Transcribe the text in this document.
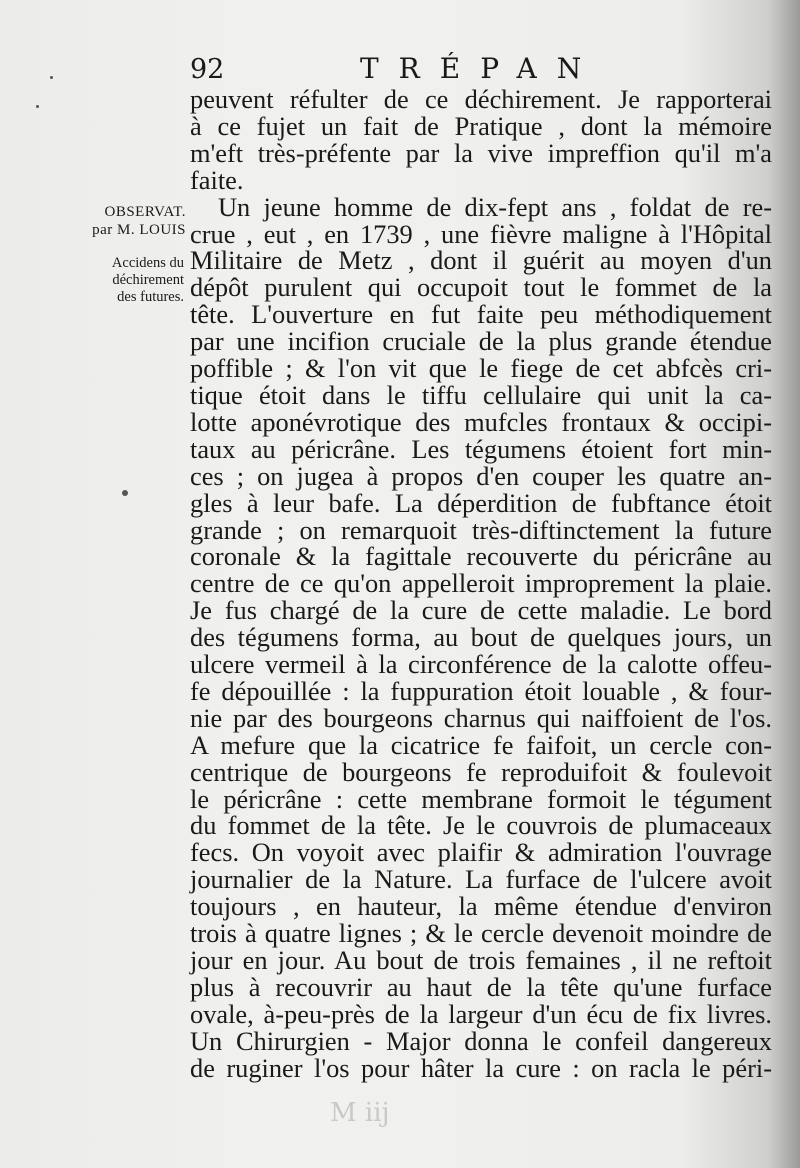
92	TRÉPAN
OBSERVAT.
par M. LOUIS
Accidens du
déchirement
des futures.
peuvent réfulter de ce déchirement. Je rapporterai
à ce fujet un fait de Pratique , dont la mémoire
m'eft très-préfente par la vive impreffion qu'il m'a
faite.
Un jeune homme de dix-fept ans , foldat de re-
crue , eut , en 1739 , une fièvre maligne à l'Hôpital
Militaire de Metz , dont il guérit au moyen d'un
dépôt purulent qui occupoit tout le fommet de la
tête. L'ouverture en fut faite peu méthodiquement
par une incifion cruciale de la plus grande étendue
poffible ; & l'on vit que le fiege de cet abfcès cri-
tique étoit dans le tiffu cellulaire qui unit la ca-
lotte aponévrotique des mufcles frontaux & occipi-
taux au péricrâne. Les tégumens étoient fort min-
ces ; on jugea à propos d'en couper les quatre an-
gles à leur bafe. La déperdition de fubftance étoit
grande ; on remarquoit très-diftinctement la future
coronale & la fagittale recouverte du péricrâne au
centre de ce qu'on appelleroit improprement la plaie.
Je fus chargé de la cure de cette maladie. Le bord
des tégumens forma, au bout de quelques jours, un
ulcere vermeil à la circonférence de la calotte offeu-
fe dépouillée : la fuppuration étoit louable , & four-
nie par des bourgeons charnus qui naiffoient de l'os.
A mefure que la cicatrice fe faifoit, un cercle con-
centrique de bourgeons fe reproduifoit & foulevoit
le péricrâne : cette membrane formoit le tégument
du fommet de la tête. Je le couvrois de plumaceaux
fecs. On voyoit avec plaifir & admiration l'ouvrage
journalier de la Nature. La furface de l'ulcere avoit
toujours , en hauteur, la même étendue d'environ
trois à quatre lignes ; & le cercle devenoit moindre de
jour en jour. Au bout de trois femaines , il ne reftoit
plus à recouvrir au haut de la tête qu'une furface
ovale, à-peu-près de la largeur d'un écu de fix livres.
Un Chirurgien - Major donna le confeil dangereux
de ruginer l'os pour hâter la cure : on racla le péri-
M iij
